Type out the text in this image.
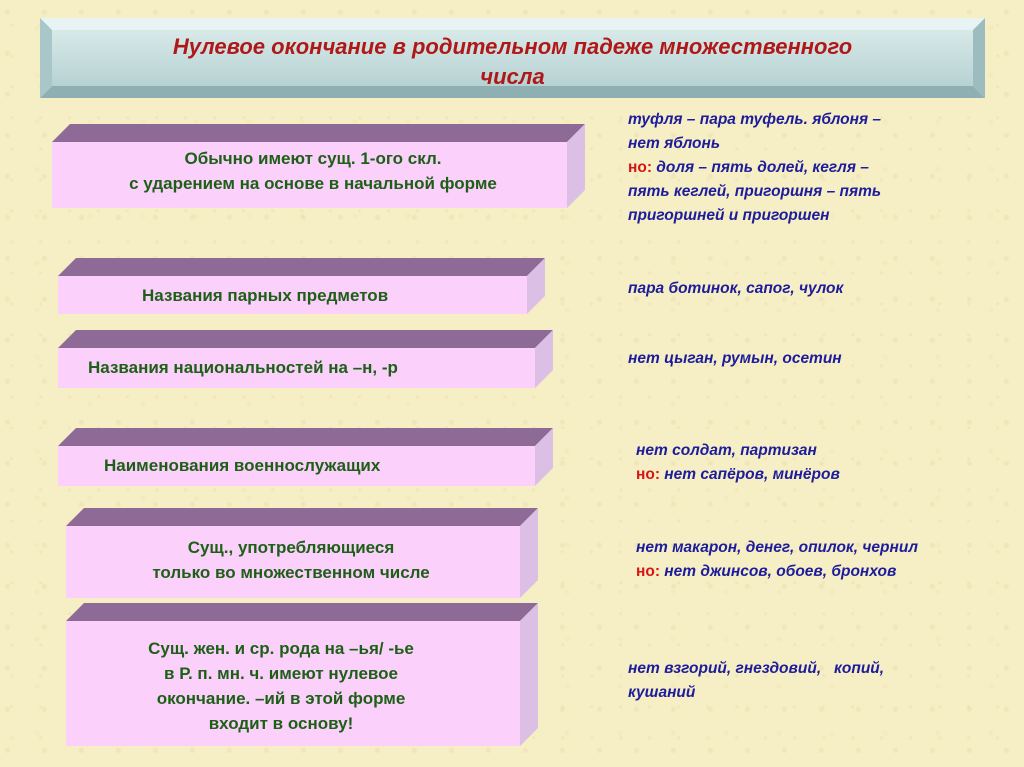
Нулевое окончание в родительном падеже множественного
числа
Обычно имеют сущ. 1-ого скл.
с ударением на основе в начальной форме
Названия парных предметов
Названия национальностей на –н, -р
Наименования военнослужащих
Сущ., употребляющиеся
только во множественном числе
Сущ. жен. и ср. рода на –ья/ -ье
в Р. п. мн. ч. имеют нулевое
окончание. –ий в этой форме
входит в основу!
туфля – пара туфель. яблоня –
нет яблонь
но: доля – пять долей, кегля –
пять кеглей, пригоршня – пять
пригоршней и пригоршен
пара ботинок, сапог, чулок
нет цыган, румын, осетин
нет солдат, партизан
но: нет сапёров, минёров
нет макарон, денег, опилок, чернил
но: нет джинсов, обоев, бронхов
нет взгорий, гнездовий,   копий,
кушаний
